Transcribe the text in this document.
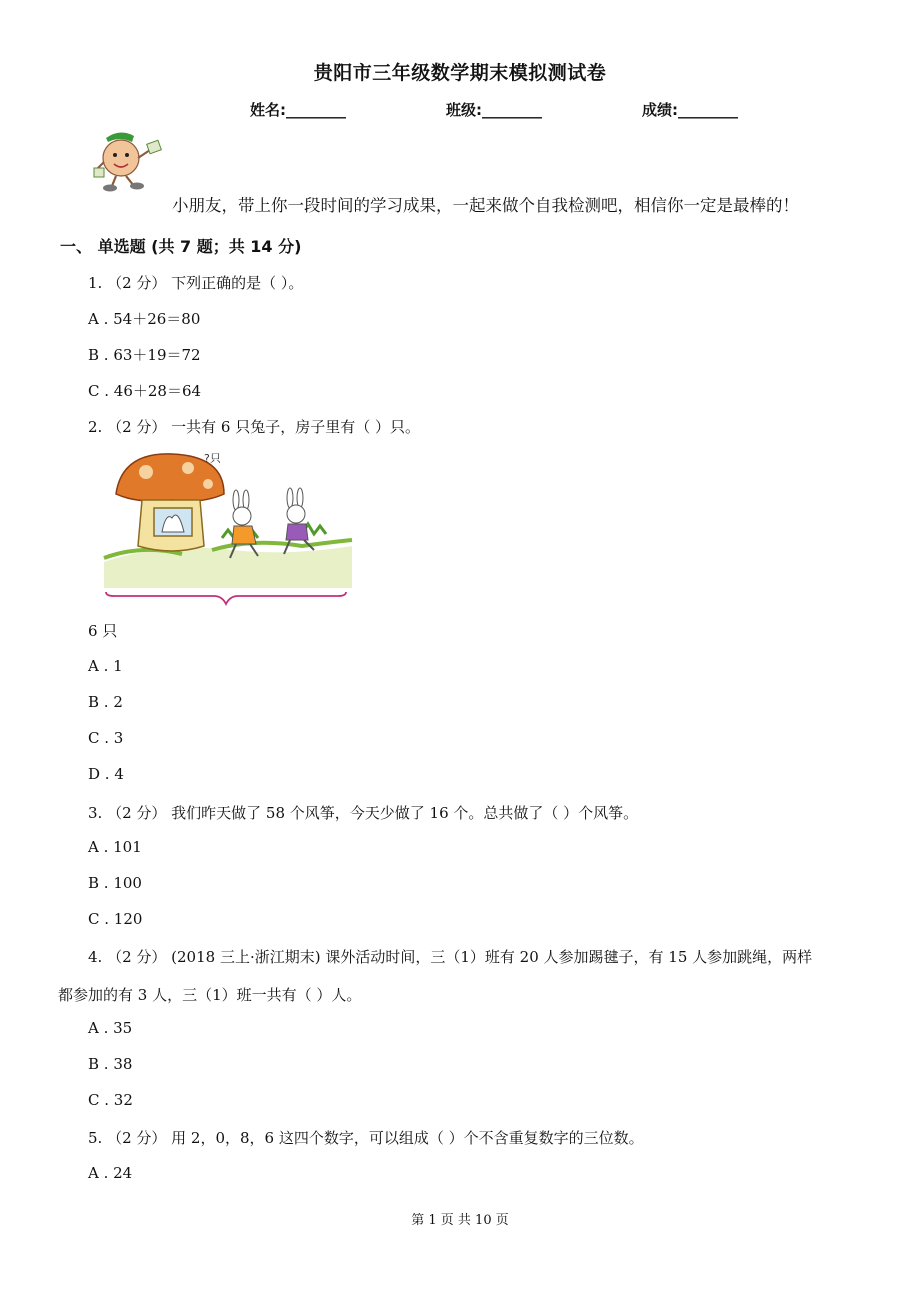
贵阳市三年级数学期末模拟测试卷
姓名:________	班级:________	成绩:________
小朋友，带上你一段时间的学习成果，一起来做个自我检测吧，相信你一定是最棒的！
一、 单选题 (共 7 题；共 14 分)
1. （2 分） 下列正确的是（ ）。
A . 54＋26＝80
B . 63＋19＝72
C . 46＋28＝64
2. （2 分） 一共有 6 只兔子，房子里有（ ）只。
?只
6 只
A . 1
B . 2
C . 3
D . 4
3. （2 分） 我们昨天做了 58 个风筝，今天少做了 16 个。总共做了（ ）个风筝。
A . 101
B . 100
C . 120
4. （2 分） (2018 三上·浙江期末) 课外活动时间，三（1）班有 20 人参加踢毽子，有 15 人参加跳绳，两样
都参加的有 3 人，三（1）班一共有（ ）人。
A . 35
B . 38
C . 32
5. （2 分） 用 2，0，8，6 这四个数字，可以组成（ ）个不含重复数字的三位数。
A . 24
第 1 页 共 10 页
